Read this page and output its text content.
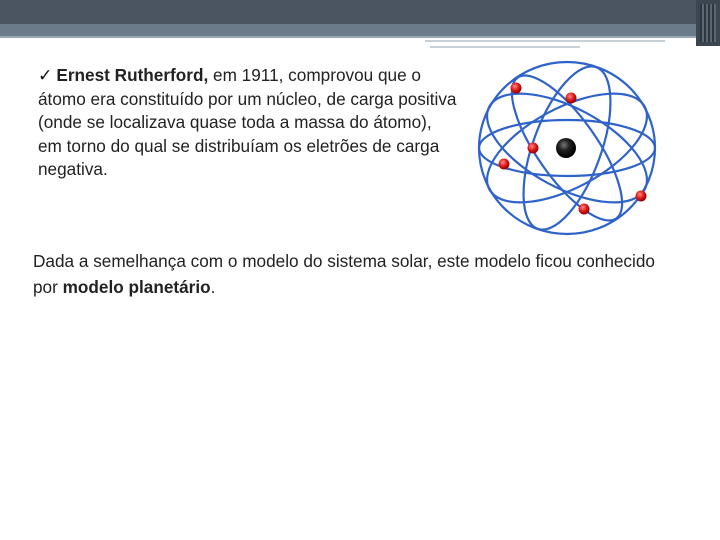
✓ Ernest Rutherford, em 1911, comprovou que o átomo era constituído por um núcleo, de carga positiva (onde se localizava quase toda a massa do átomo), em torno do qual se distribuíam os eletrões de carga negativa.
Dada a semelhança com o modelo do sistema solar, este modelo ficou conhecido por modelo planetário.
